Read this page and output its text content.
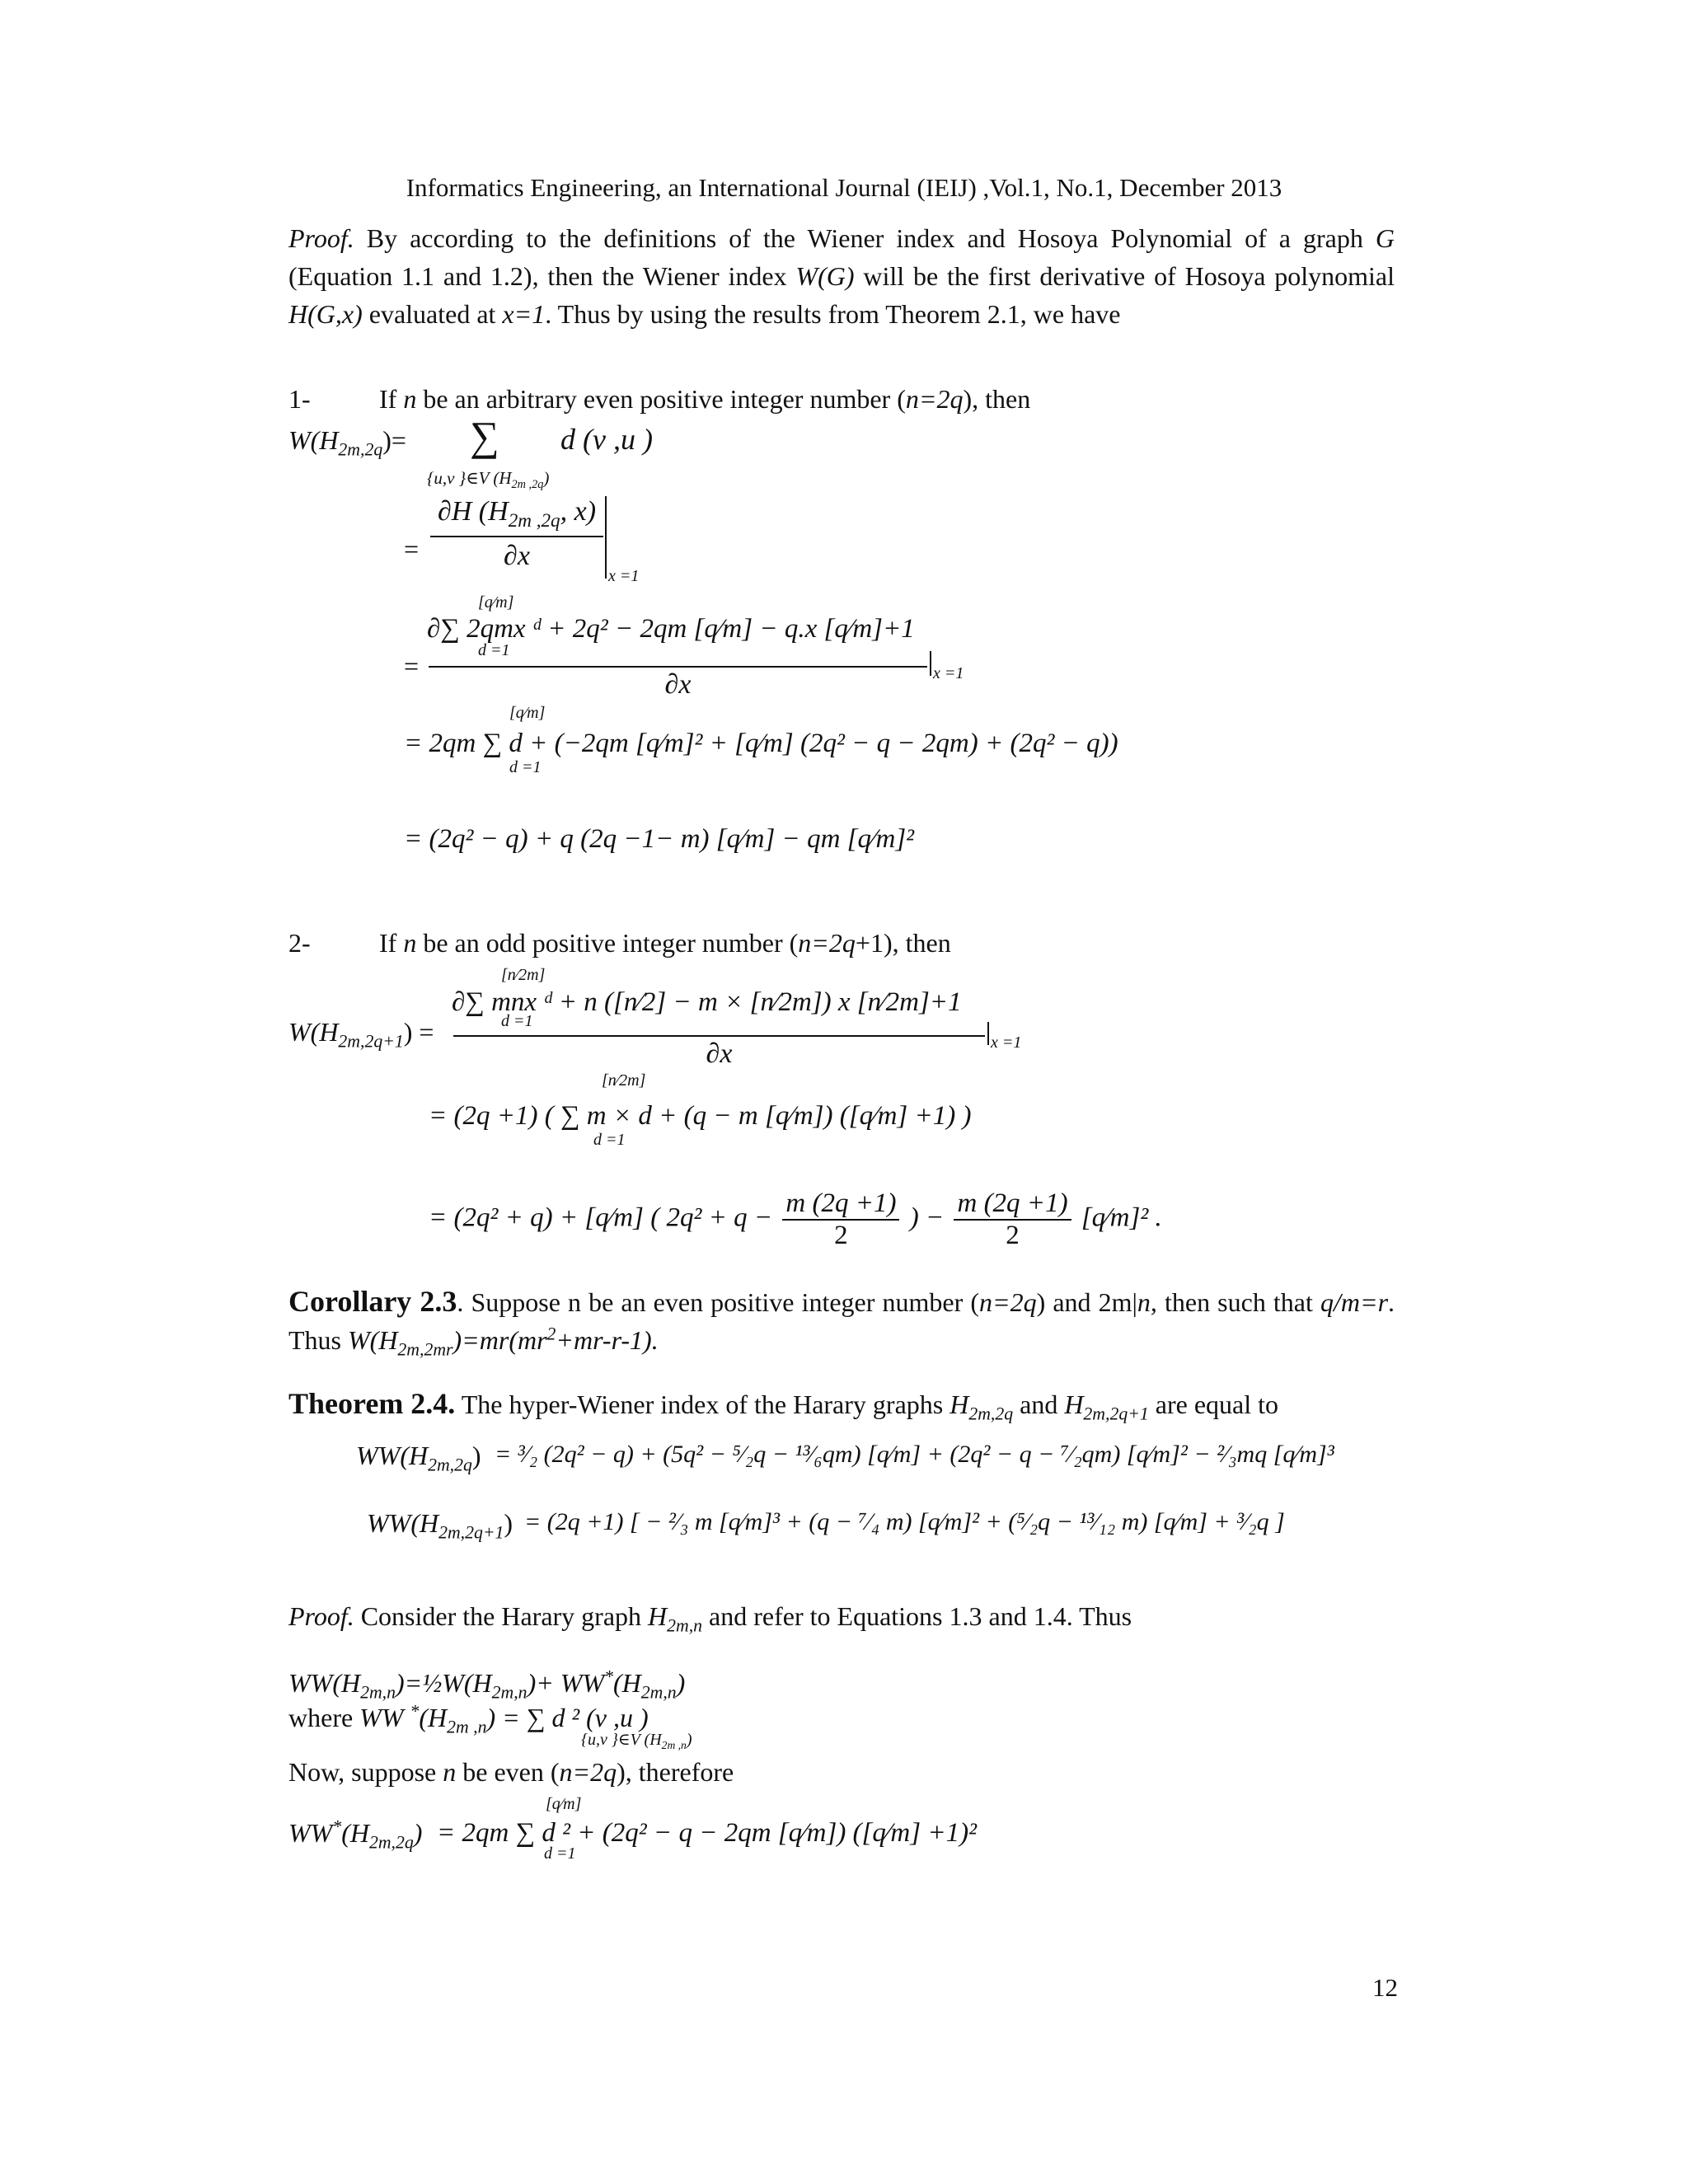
Informatics Engineering, an International Journal (IEIJ) ,Vol.1, No.1, December 2013
Proof. By according to the definitions of the Wiener index and Hosoya Polynomial of a graph G (Equation 1.1 and 1.2), then the Wiener index W(G) will be the first derivative of Hosoya polynomial H(G,x) evaluated at x=1. Thus by using the results from Theorem 2.1, we have
1-	If n be an arbitrary even positive integer number (n=2q), then
$W(H_{2m,2q})=$ ∑ d (v ,u )
{u,v }∈V $(H_{2m ,2q})$
=
∂H ($H_{2m ,2q}$, x)
∂x
x =1
=
[q⁄m]
∂∑ 2qmx ᵈ + 2q² − 2qm [q⁄m] − q.x [q⁄m]+1
d =1
∂x	x =1
[q⁄m]
= 2qm ∑ d + (−2qm [q⁄m]² + [q⁄m] (2q² − q − 2qm) + (2q² − q))
d =1
= (2q² − q) + q (2q −1− m) [q⁄m] − qm [q⁄m]²
2-	If n be an odd positive integer number (n=2q+1), then
$W(H_{2m,2q+1})$ =
[n⁄2m]
∂∑ mnx ᵈ + n ([n⁄2] − m × [n⁄2m]) x [n⁄2m]+1
d =1
∂x	x =1
[n⁄2m]
= (2q +1) ( ∑ m × d + (q − m [q⁄m]) ([q⁄m] +1) )
d =1
= (2q² + q) + [q⁄m] ( $2q^2 + q - \frac{m (2q +1)}{2}$ ) − $\frac{m (2q +1)}{2}$ [q⁄m]² .
Corollary 2.3. Suppose n be an even positive integer number (n=2q) and 2m|n, then such that q/m=r. Thus $W(H_{2m,2mr})=mr(mr^2+mr-r-1)$.
Theorem 2.4. The hyper-Wiener index of the Harary graphs $H_{2m,2q}$ and $H_{2m,2q+1}$ are equal to
$WW(H_{2m,2q})$ = ³⁄₂ (2q² − q) + (5q² − ⁵⁄₂q − ¹³⁄₆qm) [q⁄m] + (2q² − q − ⁷⁄₂qm) [q⁄m]² − ²⁄₃mq [q⁄m]³
$WW(H_{2m,2q+1}) = (2q +1)$ [ − ²⁄₃ m [q⁄m]³ + (q − ⁷⁄₄ m) [q⁄m]² + (⁵⁄₂q − ¹³⁄₁₂ m) [q⁄m] + ³⁄₂q ]
Proof. Consider the Harary graph $H_{2m,n}$ and refer to Equations 1.3 and 1.4. Thus
$WW(H_{2m,n})=\frac{1}{2}W(H_{2m,n})+ WW^*(H_{2m,n})$
where WW $^*(H_{2m ,n})$ = ∑ d ² (v ,u )
{u,v }∈V $(H_{2m ,n})$
Now, suppose n be even (n=2q), therefore
[q⁄m]
$WW^*(H_{2m,2q}) = 2qm$ ∑ d ² + (2q² − q − 2qm [q⁄m]) ([q⁄m] +1)²
d =1
12
